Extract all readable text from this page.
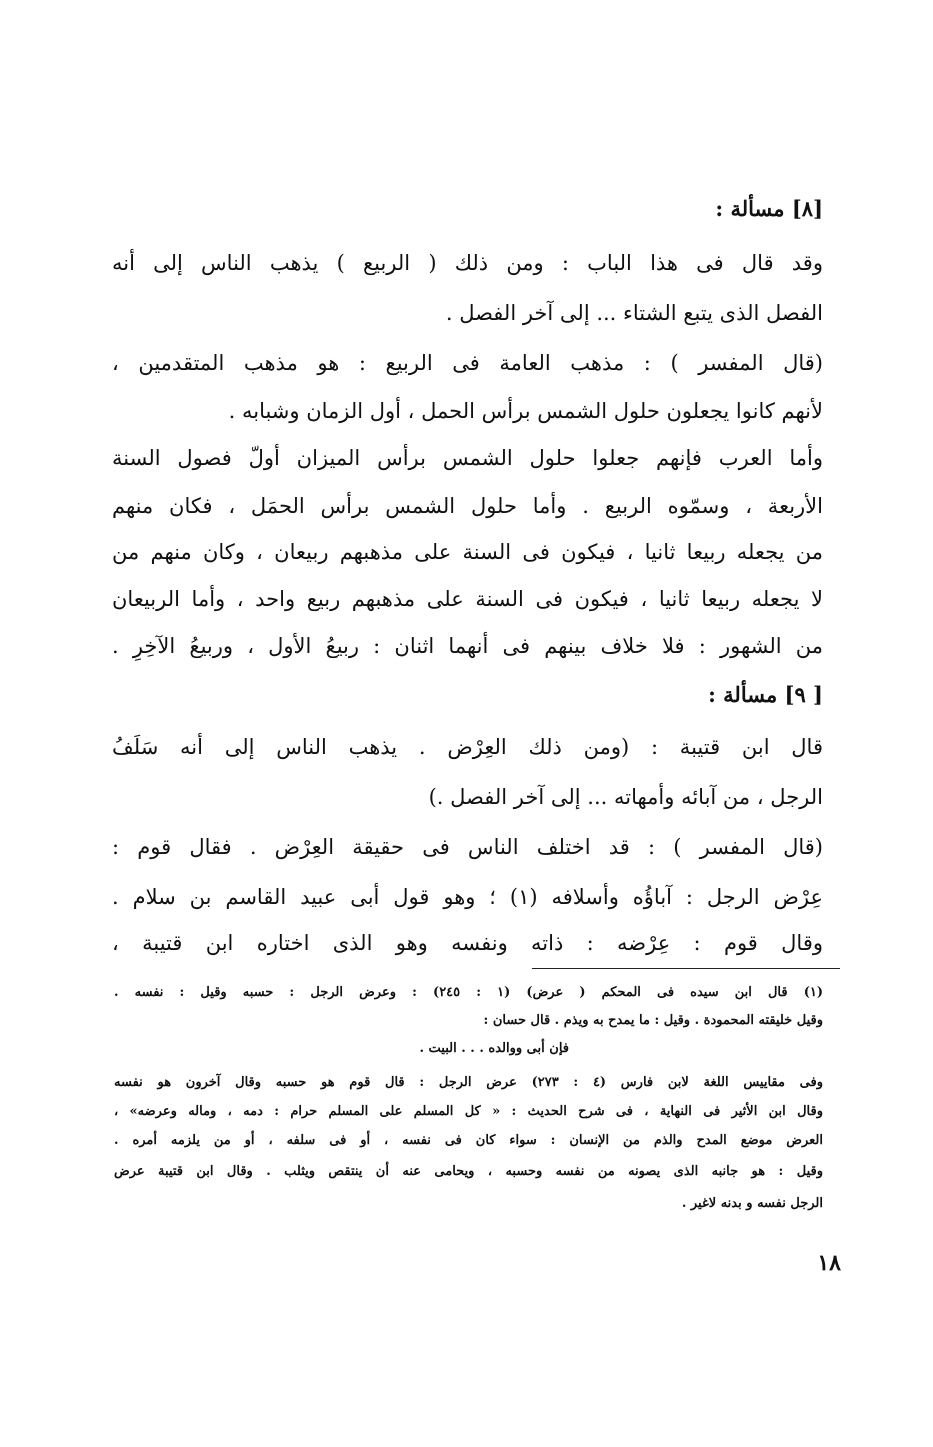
[٨] مسألة :
وقد قال فى هذا الباب : ومن ذلك ( الربيع ) يذهب الناس إلى أنه
الفصل الذى يتبع الشتاء ... إلى آخر الفصل .
(قال المفسر ) : مذهب العامة فى الربيع : هو مذهب المتقدمين ،
لأنهم كانوا يجعلون حلول الشمس برأس الحمل ، أول الزمان وشبابه .
وأما العرب فإنهم جعلوا حلول الشمس برأس الميزان أولّ فصول السنة
الأربعة ، وسمّوه الربيع . وأما حلول الشمس برأس الحمَل ، فكان منهم
من يجعله ربيعا ثانيا ، فيكون فى السنة على مذهبهم ربيعان ، وكان منهم من
لا يجعله ربيعا ثانيا ، فيكون فى السنة على مذهبهم ربيع واحد ، وأما الربيعان
من الشهور : فلا خلاف بينهم فى أنهما اثنان : ربيعُ الأول ، وربيعُ الآخِرِ .
[ ٩] مسألة :
قال ابن قتيبة : (ومن ذلك العِرْض . يذهب الناس إلى أنه سَلَفُ
الرجل ، من آبائه وأمهاته ... إلى آخر الفصل .)
(قال المفسر ) : قد اختلف الناس فى حقيقة العِرْض . فقال قوم :
عِرْض الرجل : آباؤُه وأسلافه (١) ؛ وهو قول أبى عبيد القاسم بن سلام .
وقال قوم : عِرْضه : ذاته ونفسه وهو الذى اختاره ابن قتيبة ،
(١) قال ابن سيده فى المحكم ( عرض) (١ : ٢٤٥) : وعرض الرجل : حسبه وقيل : نفسه .
وقيل خليقته المحمودة . وقيل : ما يمدح به ويذم . قال حسان :
فإن أبى ووالده . . . البيت .
وفى مقاييس اللغة لابن فارس (٤ : ٢٧٣) عرض الرجل : قال قوم هو حسبه وقال آخرون هو نفسه
وقال ابن الأثير فى النهاية ، فى شرح الحديث : « كل المسلم على المسلم حرام : دمه ، وماله وعرضه» ،
العرض موضع المدح والذم من الإنسان : سواء كان فى نفسه ، أو فى سلفه ، أو من يلزمه أمره .
وقيل : هو جانبه الذى يصونه من نفسه وحسبه ، ويحامى عنه أن ينتقص ويثلب . وقال ابن قتيبة عرض
الرجل نفسه و بدنه لاغير .
١٨
